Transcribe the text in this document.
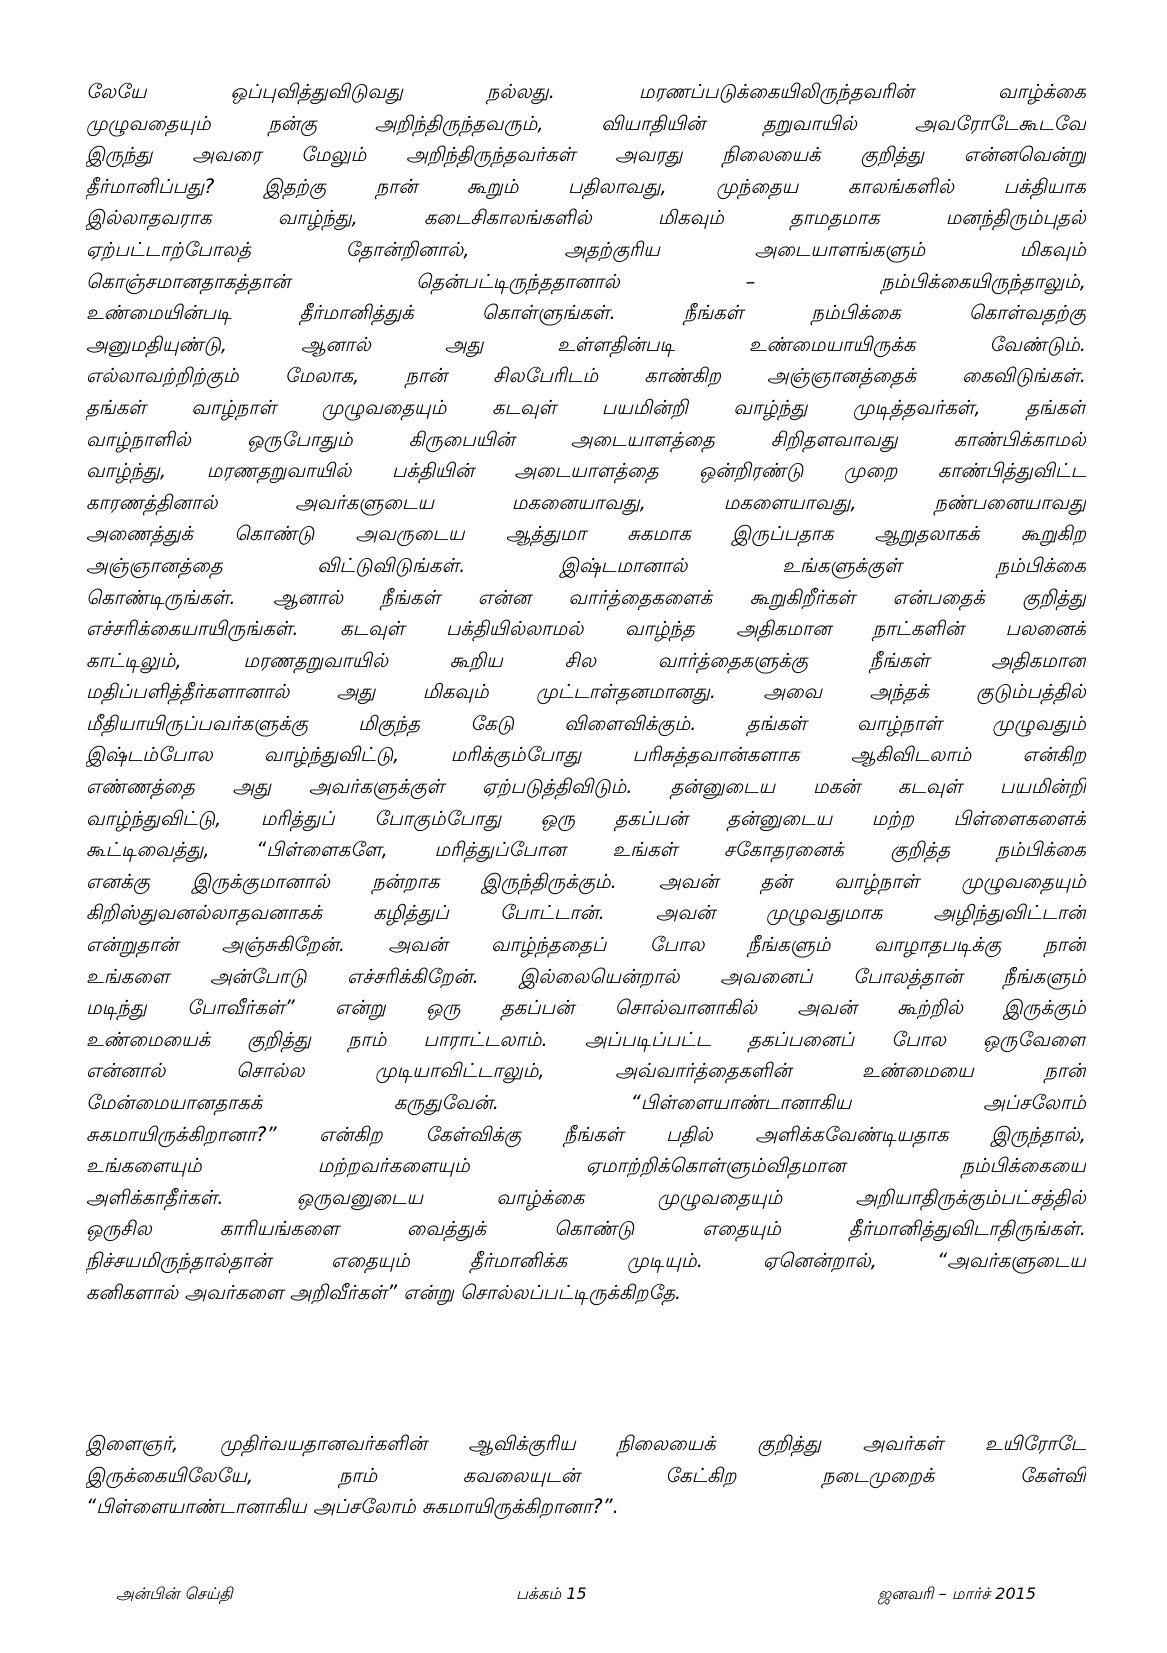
லேயே ஒப்புவித்துவிடுவது நல்லது. மரணப்படுக்கையிலிருந்தவரின் வாழ்க்கை
முழுவதையும் நன்கு அறிந்திருந்தவரும், வியாதியின் தறுவாயில் அவரோடேகூடவே
இருந்து அவரை மேலும் அறிந்திருந்தவர்கள் அவரது நிலையைக் குறித்து என்னவென்று
தீர்மானிப்பது? இதற்கு நான் கூறும் பதிலாவது, முந்தைய காலங்களில் பக்தியாக
இல்லாதவராக வாழ்ந்து, கடைசிகாலங்களில் மிகவும் தாமதமாக மனந்திரும்புதல்
ஏற்பட்டாற்போலத் தோன்றினால், அதற்குரிய அடையாளங்களும் மிகவும்
கொஞ்சமானதாகத்தான் தென்பட்டிருந்ததானால் – நம்பிக்கையிருந்தாலும்,
உண்மையின்படி தீர்மானித்துக் கொள்ளுங்கள். நீங்கள் நம்பிக்கை கொள்வதற்கு
அனுமதியுண்டு, ஆனால் அது உள்ளதின்படி உண்மையாயிருக்க வேண்டும்.
எல்லாவற்றிற்கும் மேலாக, நான் சிலபேரிடம் காண்கிற அஞ்ஞானத்தைக் கைவிடுங்கள்.
தங்கள் வாழ்நாள் முழுவதையும் கடவுள் பயமின்றி வாழ்ந்து முடித்தவர்கள், தங்கள்
வாழ்நாளில் ஒருபோதும் கிருபையின் அடையாளத்தை சிறிதளவாவது காண்பிக்காமல்
வாழ்ந்து, மரணதறுவாயில் பக்தியின் அடையாளத்தை ஒன்றிரண்டு முறை காண்பித்துவிட்ட
காரணத்தினால் அவர்களுடைய மகனையாவது, மகளையாவது, நண்பனையாவது
அணைத்துக் கொண்டு அவருடைய ஆத்துமா சுகமாக இருப்பதாக ஆறுதலாகக் கூறுகிற
அஞ்ஞானத்தை விட்டுவிடுங்கள். இஷ்டமானால் உங்களுக்குள் நம்பிக்கை
கொண்டிருங்கள். ஆனால் நீங்கள் என்ன வார்த்தைகளைக் கூறுகிறீர்கள் என்பதைக் குறித்து
எச்சரிக்கையாயிருங்கள். கடவுள் பக்தியில்லாமல் வாழ்ந்த அதிகமான நாட்களின் பலனைக்
காட்டிலும், மரணதறுவாயில் கூறிய சில வார்த்தைகளுக்கு நீங்கள் அதிகமான
மதிப்பளித்தீர்களானால் அது மிகவும் முட்டாள்தனமானது. அவை அந்தக் குடும்பத்தில்
மீதியாயிருப்பவர்களுக்கு மிகுந்த கேடு விளைவிக்கும். தங்கள் வாழ்நாள் முழுவதும்
இஷ்டம்போல வாழ்ந்துவிட்டு, மரிக்கும்போது பரிசுத்தவான்களாக ஆகிவிடலாம் என்கிற
எண்ணத்தை அது அவர்களுக்குள் ஏற்படுத்திவிடும். தன்னுடைய மகன் கடவுள் பயமின்றி
வாழ்ந்துவிட்டு, மரித்துப் போகும்போது ஒரு தகப்பன் தன்னுடைய மற்ற பிள்ளைகளைக்
கூட்டிவைத்து, “பிள்ளைகளே, மரித்துப்போன உங்கள் சகோதரனைக் குறித்த நம்பிக்கை
எனக்கு இருக்குமானால் நன்றாக இருந்திருக்கும். அவன் தன் வாழ்நாள் முழுவதையும்
கிறிஸ்துவனல்லாதவனாகக் கழித்துப் போட்டான். அவன் முழுவதுமாக அழிந்துவிட்டான்
என்றுதான் அஞ்சுகிறேன். அவன் வாழ்ந்ததைப் போல நீங்களும் வாழாதபடிக்கு நான்
உங்களை அன்போடு எச்சரிக்கிறேன். இல்லையென்றால் அவனைப் போலத்தான் நீங்களும்
மடிந்து போவீர்கள்” என்று ஒரு தகப்பன் சொல்வானாகில் அவன் கூற்றில் இருக்கும்
உண்மையைக் குறித்து நாம் பாராட்டலாம். அப்படிப்பட்ட தகப்பனைப் போல ஒருவேளை
என்னால் சொல்ல முடியாவிட்டாலும், அவ்வார்த்தைகளின் உண்மையை நான்
மேன்மையானதாகக் கருதுவேன். “பிள்ளையாண்டானாகிய அப்சலோம்
சுகமாயிருக்கிறானா?” என்கிற கேள்விக்கு நீங்கள் பதில் அளிக்கவேண்டியதாக இருந்தால்,
உங்களையும் மற்றவர்களையும் ஏமாற்றிக்கொள்ளும்விதமான நம்பிக்கையை
அளிக்காதீர்கள். ஒருவனுடைய வாழ்க்கை முழுவதையும் அறியாதிருக்கும்பட்சத்தில்
ஒருசில காரியங்களை வைத்துக் கொண்டு எதையும் தீர்மானித்துவிடாதிருங்கள்.
நிச்சயமிருந்தால்தான் எதையும் தீர்மானிக்க முடியும். ஏனென்றால், “அவர்களுடைய
கனிகளால் அவர்களை அறிவீர்கள்” என்று சொல்லப்பட்டிருக்கிறதே.
இளைஞர், முதிர்வயதானவர்களின் ஆவிக்குரிய நிலையைக் குறித்து அவர்கள் உயிரோடே
இருக்கையிலேயே, நாம் கவலையுடன் கேட்கிற நடைமுறைக் கேள்வி
“பிள்ளையாண்டானாகிய அப்சலோம் சுகமாயிருக்கிறானா?”.
அன்பின் செய்தி	பக்கம் 15	ஜனவரி – மார்ச் 2015
